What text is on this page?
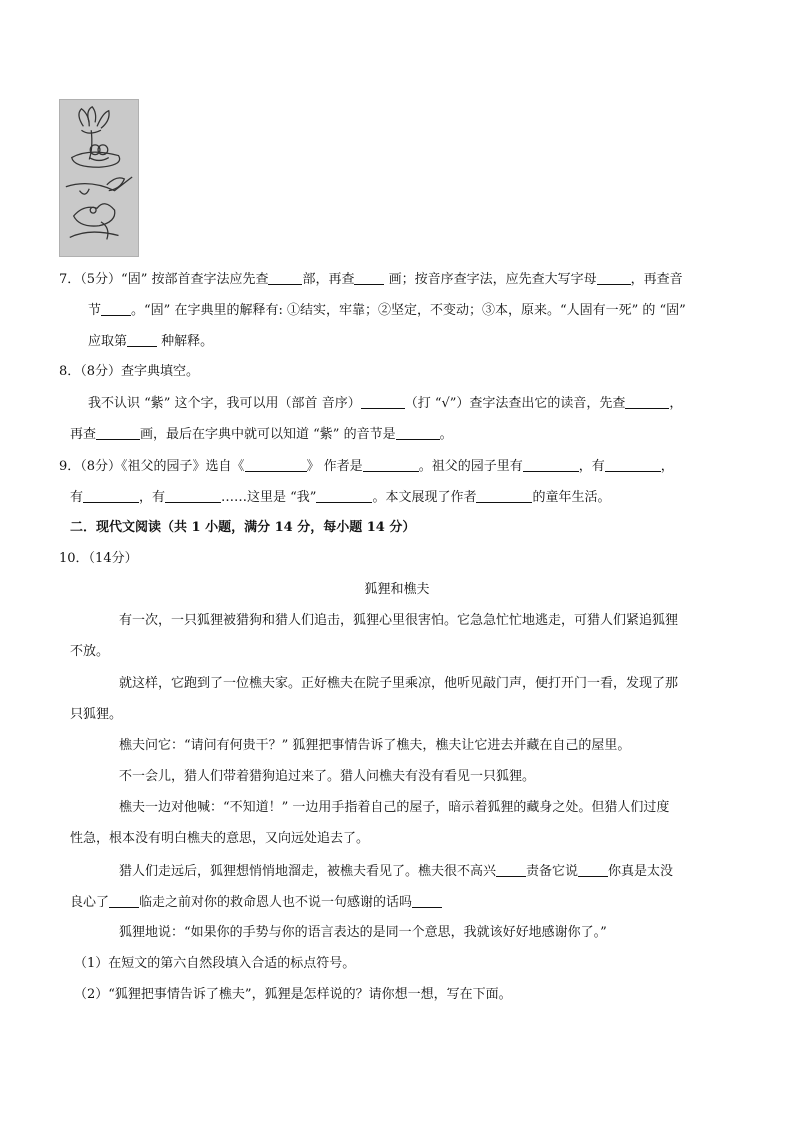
7．（5分）“固” 按部首查字法应先查	部，再查 画；按音序查字法，应先查大写字母	，再查音
节 。“固” 在字典里的解释有: ①结实，牢靠；②坚定，不变动；③本，原来。“人固有一死” 的 “固”
应取第 种解释。
8．（8分）查字典填空。
我不认识 “紫” 这个字，我可以用（部首 音序）	（打 “√”）查字法查出它的读音，先查	，
再查	画，最后在字典中就可以知道 “紫” 的音节是	。
9．（8分）《祖父的园子》选自《	》 作者是	。祖父的园子里有	，有	，
有	，有	……这里是 “我”	。本文展现了作者	的童年生活。
二．现代文阅读（共 1 小题，满分 14 分，每小题 14 分）
10．（14分）
狐狸和樵夫
有一次，一只狐狸被猎狗和猎人们追击，狐狸心里很害怕。它急急忙忙地逃走，可猎人们紧追狐狸
不放。
就这样，它跑到了一位樵夫家。正好樵夫在院子里乘凉，他听见敲门声，便打开门一看，发现了那
只狐狸。
樵夫问它：“请问有何贵干？” 狐狸把事情告诉了樵夫，樵夫让它进去并藏在自己的屋里。
不一会儿，猎人们带着猎狗追过来了。猎人问樵夫有没有看见一只狐狸。
樵夫一边对他喊：“不知道！” 一边用手指着自己的屋子，暗示着狐狸的藏身之处。但猎人们过度
性急，根本没有明白樵夫的意思，又向远处追去了。
猎人们走远后，狐狸想悄悄地溜走，被樵夫看见了。樵夫很不高兴 责备它说 你真是太没
良心了 临走之前对你的救命恩人也不说一句感谢的话吗
狐狸地说：“如果你的手势与你的语言表达的是同一个意思，我就该好好地感谢你了。”
（1）在短文的第六自然段填入合适的标点符号。
（2）“狐狸把事情告诉了樵夫”，狐狸是怎样说的？请你想一想，写在下面。
